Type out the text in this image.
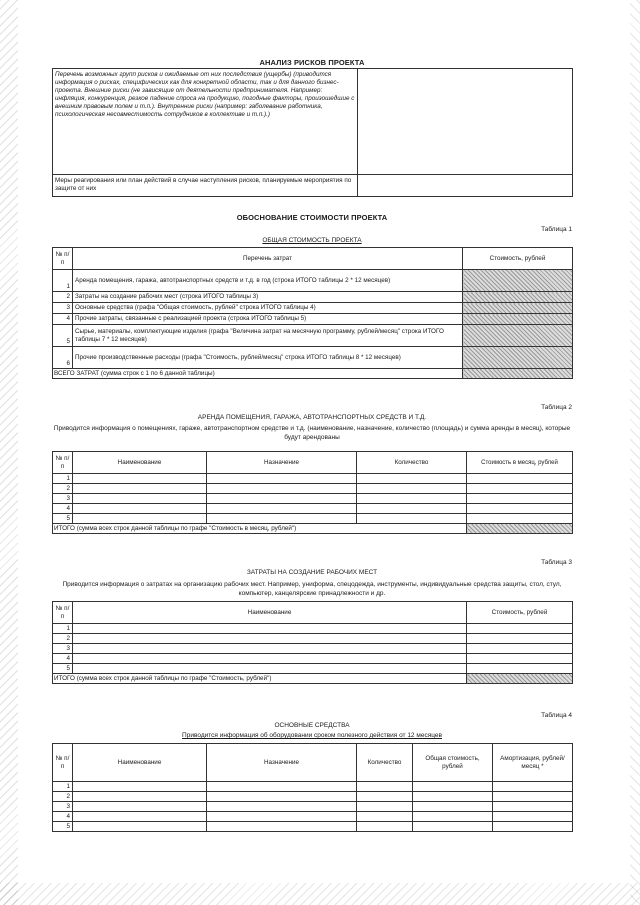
АНАЛИЗ РИСКОВ ПРОЕКТА
Перечень возможных групп рисков и ожидаемые от них последствия (ущербы) (приводится информация о рисках, специфических как для конкретной области, так и для данного бизнес-проекта. Внешние риски (не зависящие от деятельности предпринимателя. Например: инфляция, конкуренция, резкое падение спроса на продукцию, погодные факторы, произошедшие с внешним правовым полем и т.п.). Внутренние риски (например: заболевание работника, психологическая несовместимость сотрудников в коллективе и т.п.).)	
Меры реагирования или план действий в случае наступления рисков, планируемые мероприятия по защите от них	
ОБОСНОВАНИЕ СТОИМОСТИ ПРОЕКТА
Таблица 1
ОБЩАЯ СТОИМОСТЬ ПРОЕКТА
№ п/п	Перечень затрат	Стоимость, рублей
1	Аренда помещения, гаража, автотранспортных средств и т.д. в год (строка ИТОГО таблицы 2 * 12 месяцев)	
2	Затраты на создание рабочих мест (строка ИТОГО таблицы 3)	
3	Основные средства (графа "Общая стоимость, рублей" строка ИТОГО таблицы 4)	
4	Прочие затраты, связанные с реализацией проекта (строка ИТОГО таблицы 5)	
5	Сырье, материалы, комплектующие изделия (графа "Величина затрат на месячную программу, рублей/месяц" строка ИТОГО таблицы 7 * 12 месяцев)	
6	Прочие производственные расходы (графа "Стоимость, рублей/месяц" строка ИТОГО таблицы 8 * 12 месяцев)	
ВСЕГО ЗАТРАТ (сумма строк с 1 по 6 данной таблицы)		
Таблица 2
АРЕНДА ПОМЕЩЕНИЯ, ГАРАЖА, АВТОТРАНСПОРТНЫХ СРЕДСТВ И Т.Д.
Приводится информация о помещениях, гараже, автотранспортном средстве и т.д. (наименование, назначение, количество (площадь) и сумма аренды в месяц), которые будут арендованы
№ п/п	Наименование	Назначение	Количество	Стоимость в месяц, рублей
1				
2				
3				
4				
5				
ИТОГО (сумма всех строк данной таблицы по графе "Стоимость в месяц, рублей")				
Таблица 3
ЗАТРАТЫ НА СОЗДАНИЕ РАБОЧИХ МЕСТ
Приводится информация о затратах на организацию рабочих мест. Например, униформа, спецодежда, инструменты, индивидуальные средства защиты, стол, стул, компьютер, канцелярские принадлежности и др.
№ п/п	Наименование	Стоимость, рублей
1		
2		
3		
4		
5		
ИТОГО (сумма всех строк данной таблицы по графе "Стоимость, рублей")		
Таблица 4
ОСНОВНЫЕ СРЕДСТВА
Приводится информация об оборудовании сроком полезного действия от 12 месяцев
№ п/п	Наименование	Назначение	Количество	Общая стоимость, рублей	Амортизация, рублей/месяц *
1					
2					
3					
4					
5					
